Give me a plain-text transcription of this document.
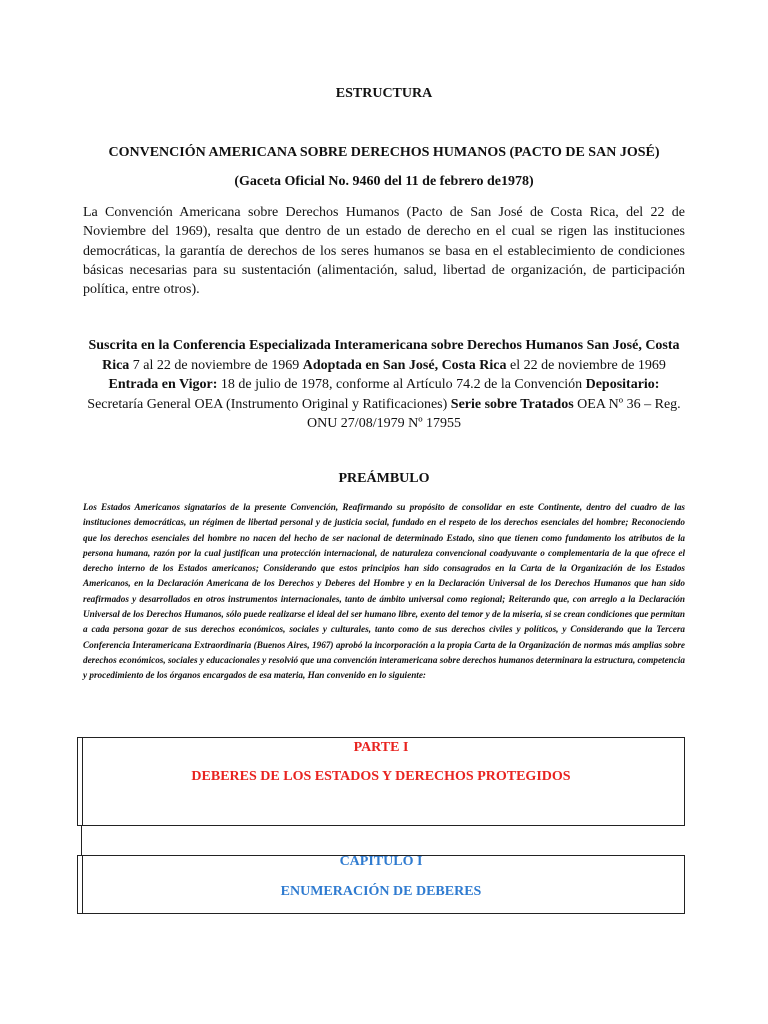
ESTRUCTURA
CONVENCIÓN AMERICANA SOBRE DERECHOS HUMANOS (PACTO DE SAN JOSÉ)
(Gaceta Oficial No. 9460 del 11 de febrero de1978)

La Convención Americana sobre Derechos Humanos (Pacto de San José de Costa Rica, del 22 de Noviembre del 1969), resalta que dentro de un estado de derecho en el cual se rigen las instituciones democráticas, la garantía de derechos de los seres humanos se basa en el establecimiento de condiciones básicas necesarias para su sustentación (alimentación, salud, libertad de organización, de participación política, entre otros).

Suscrita en la Conferencia Especializada Interamericana sobre Derechos Humanos San José, Costa Rica 7 al 22 de noviembre de 1969 Adoptada en San José, Costa Rica el 22 de noviembre de 1969 Entrada en Vigor: 18 de julio de 1978, conforme al Artículo 74.2 de la Convención Depositario: Secretaría General OEA (Instrumento Original y Ratificaciones) Serie sobre Tratados OEA Nº 36 – Reg. ONU 27/08/1979 Nº 17955

PREÁMBULO

Los Estados Americanos signatarios de la presente Convención, Reafirmando su propósito de consolidar en este Continente, dentro del cuadro de las instituciones democráticas, un régimen de libertad personal y de justicia social, fundado en el respeto de los derechos esenciales del hombre; Reconociendo que los derechos esenciales del hombre no nacen del hecho de ser nacional de determinado Estado, sino que tienen como fundamento los atributos de la persona humana, razón por la cual justifican una protección internacional, de naturaleza convencional coadyuvante o complementaria de la que ofrece el derecho interno de los Estados americanos; Considerando que estos principios han sido consagrados en la Carta de la Organización de los Estados Americanos, en la Declaración Americana de los Derechos y Deberes del Hombre y en la Declaración Universal de los Derechos Humanos que han sido reafirmados y desarrollados en otros instrumentos internacionales, tanto de ámbito universal como regional; Reiterando que, con arreglo a la Declaración Universal de los Derechos Humanos, sólo puede realizarse el ideal del ser humano libre, exento del temor y de la miseria, si se crean condiciones que permitan a cada persona gozar de sus derechos económicos, sociales y culturales, tanto como de sus derechos civiles y políticos, y Considerando que la Tercera Conferencia Interamericana Extraordinaria (Buenos Aires, 1967) aprobó la incorporación a la propia Carta de la Organización de normas más amplias sobre derechos económicos, sociales y educacionales y resolvió que una convención interamericana sobre derechos humanos determinara la estructura, competencia y procedimiento de los órganos encargados de esa materia, Han convenido en lo siguiente:

PARTE I
DEBERES DE LOS ESTADOS Y DERECHOS PROTEGIDOS
CAPITULO I
ENUMERACIÓN DE DEBERES
